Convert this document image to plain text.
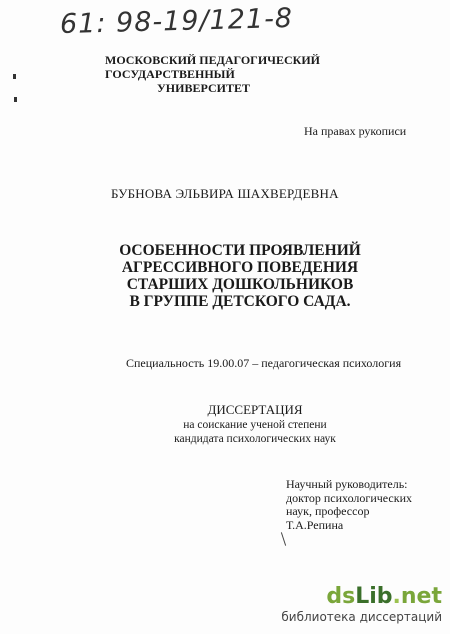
61: 98-19/121-8
МОСКОВСКИЙ ПЕДАГОГИЧЕСКИЙ ГОСУДАРСТВЕННЫЙ
УНИВЕРСИТЕТ
На правах рукописи
БУБНОВА ЭЛЬВИРА ШАХВЕРДЕВНА
ОСОБЕННОСТИ ПРОЯВЛЕНИЙ
АГРЕССИВНОГО ПОВЕДЕНИЯ
СТАРШИХ ДОШКОЛЬНИКОВ
В ГРУППЕ ДЕТСКОГО САДА.
Специальность 19.00.07 – педагогическая психология
ДИССЕРТАЦИЯ
на соискание ученой степени
кандидата психологических наук
Научный руководитель:
доктор психологических
наук, профессор
Т.А.Репина
dsLib.net
библиотека диссертаций
